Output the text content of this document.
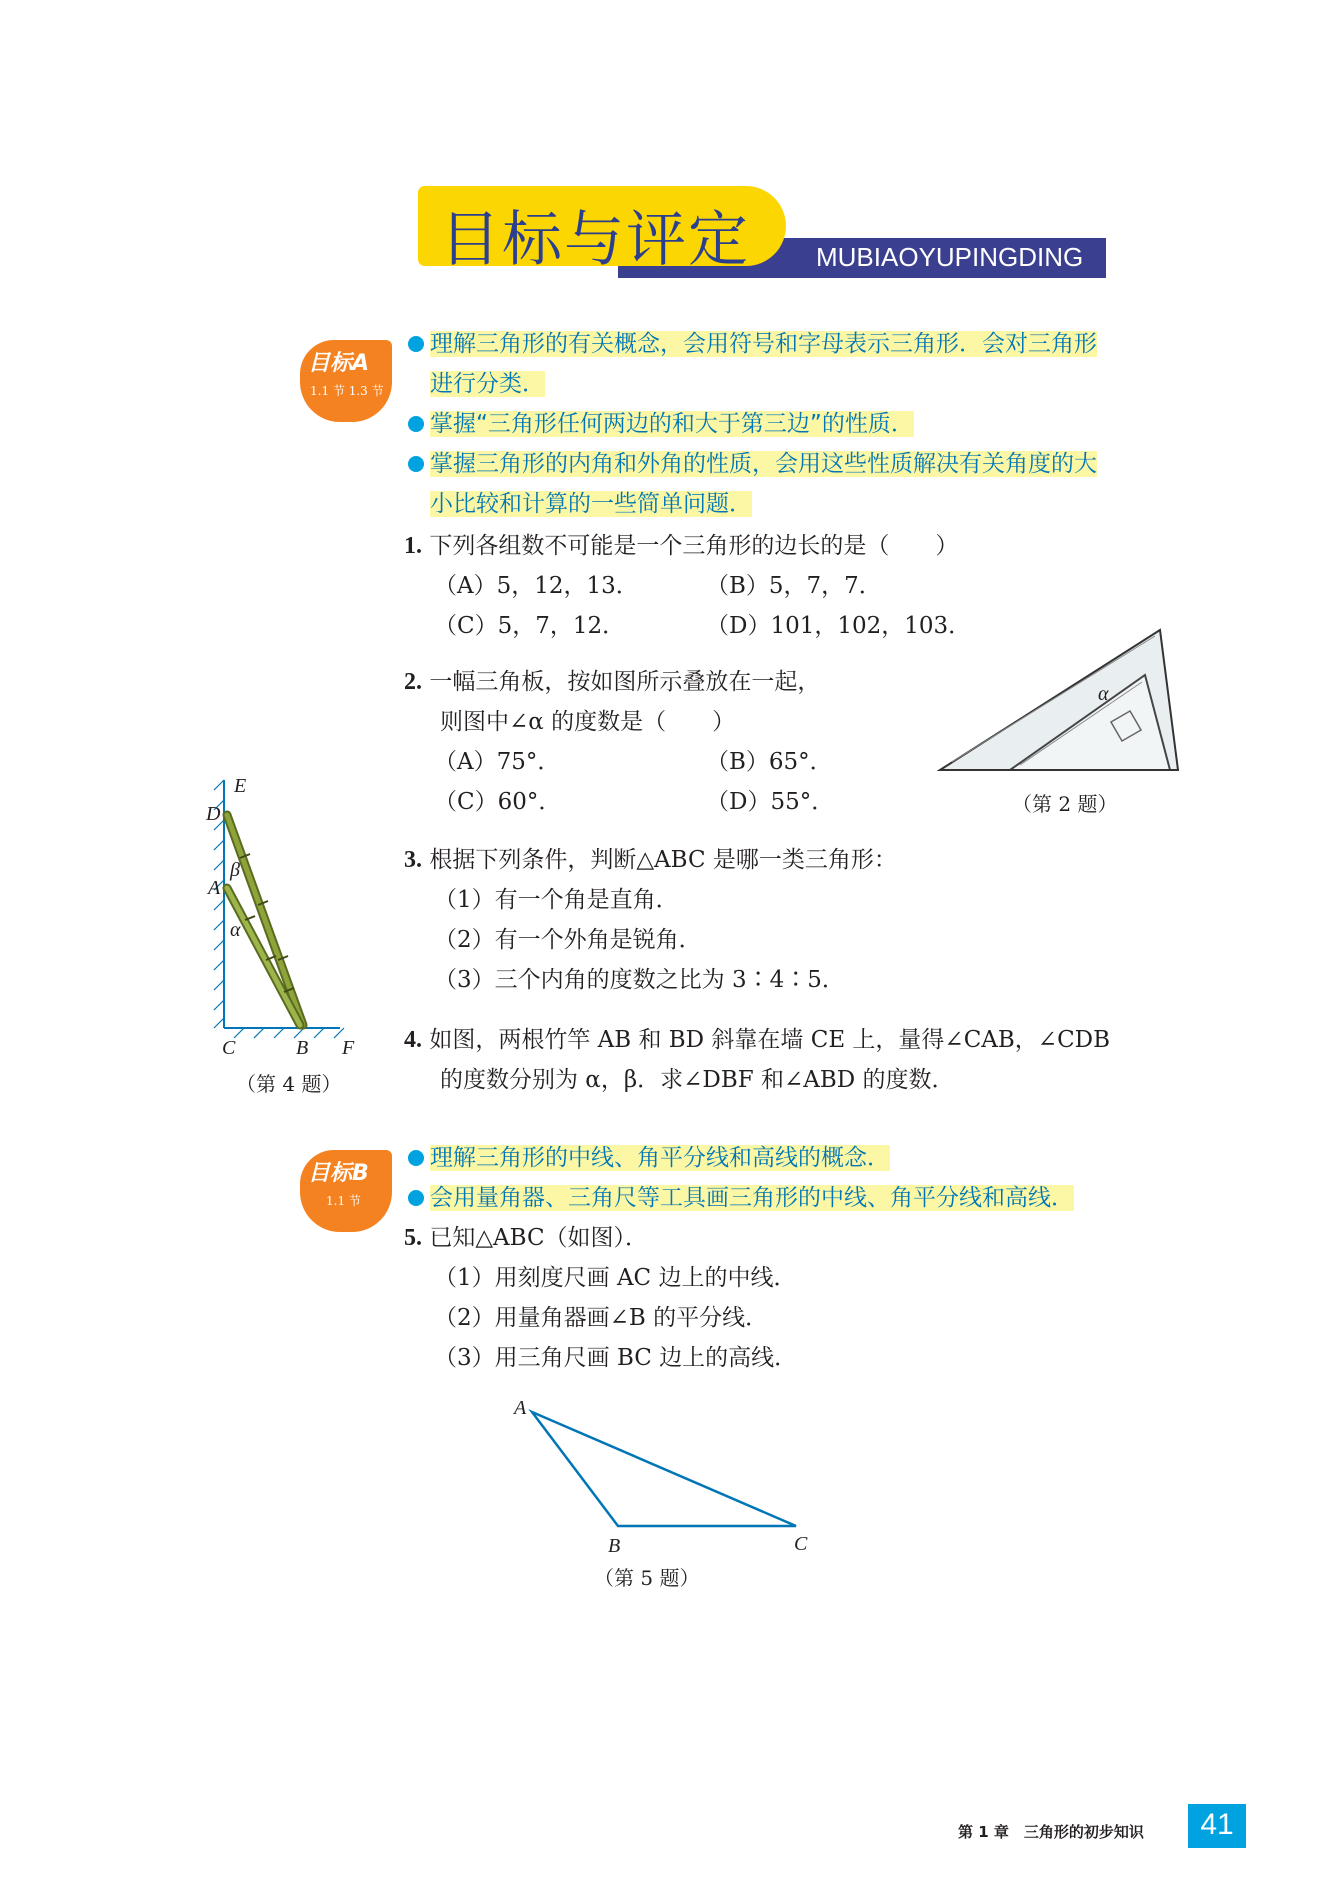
目标与评定	MUBIAOYUPINGDING
目标A
1.1 节 1.3 节
理解三角形的有关概念，会用符号和字母表示三角形．会对三角形
进行分类．
掌握“三角形任何两边的和大于第三边”的性质．
掌握三角形的内角和外角的性质，会用这些性质解决有关角度的大
小比较和计算的一些简单问题．
1. 下列各组数不可能是一个三角形的边长的是（　　）
（A）5，12，13．	（B）5，7，7．
（C）5，7，12．	（D）101，102，103．
2. 一幅三角板，按如图所示叠放在一起，
则图中∠α 的度数是（　　）
（A）75°．	（B）65°．
（C）60°．	（D）55°．
α
（第 2 题）
3. 根据下列条件，判断△ABC 是哪一类三角形：
（1）有一个角是直角．
（2）有一个外角是锐角．
（3）三个内角的度数之比为 3∶4∶5．
E
D
β
A
α
C	B F
（第 4 题）
4. 如图，两根竹竿 AB 和 BD 斜靠在墙 CE 上，量得∠CAB，∠CDB
的度数分别为 α，β．求∠DBF 和∠ABD 的度数．
目标B
1.1 节
理解三角形的中线、角平分线和高线的概念．
会用量角器、三角尺等工具画三角形的中线、角平分线和高线．
5. 已知△ABC（如图）．
（1）用刻度尺画 AC 边上的中线．
（2）用量角器画∠B 的平分线．
（3）用三角尺画 BC 边上的高线．
A
B	C
（第 5 题）
第 1 章　三角形的初步知识 41
